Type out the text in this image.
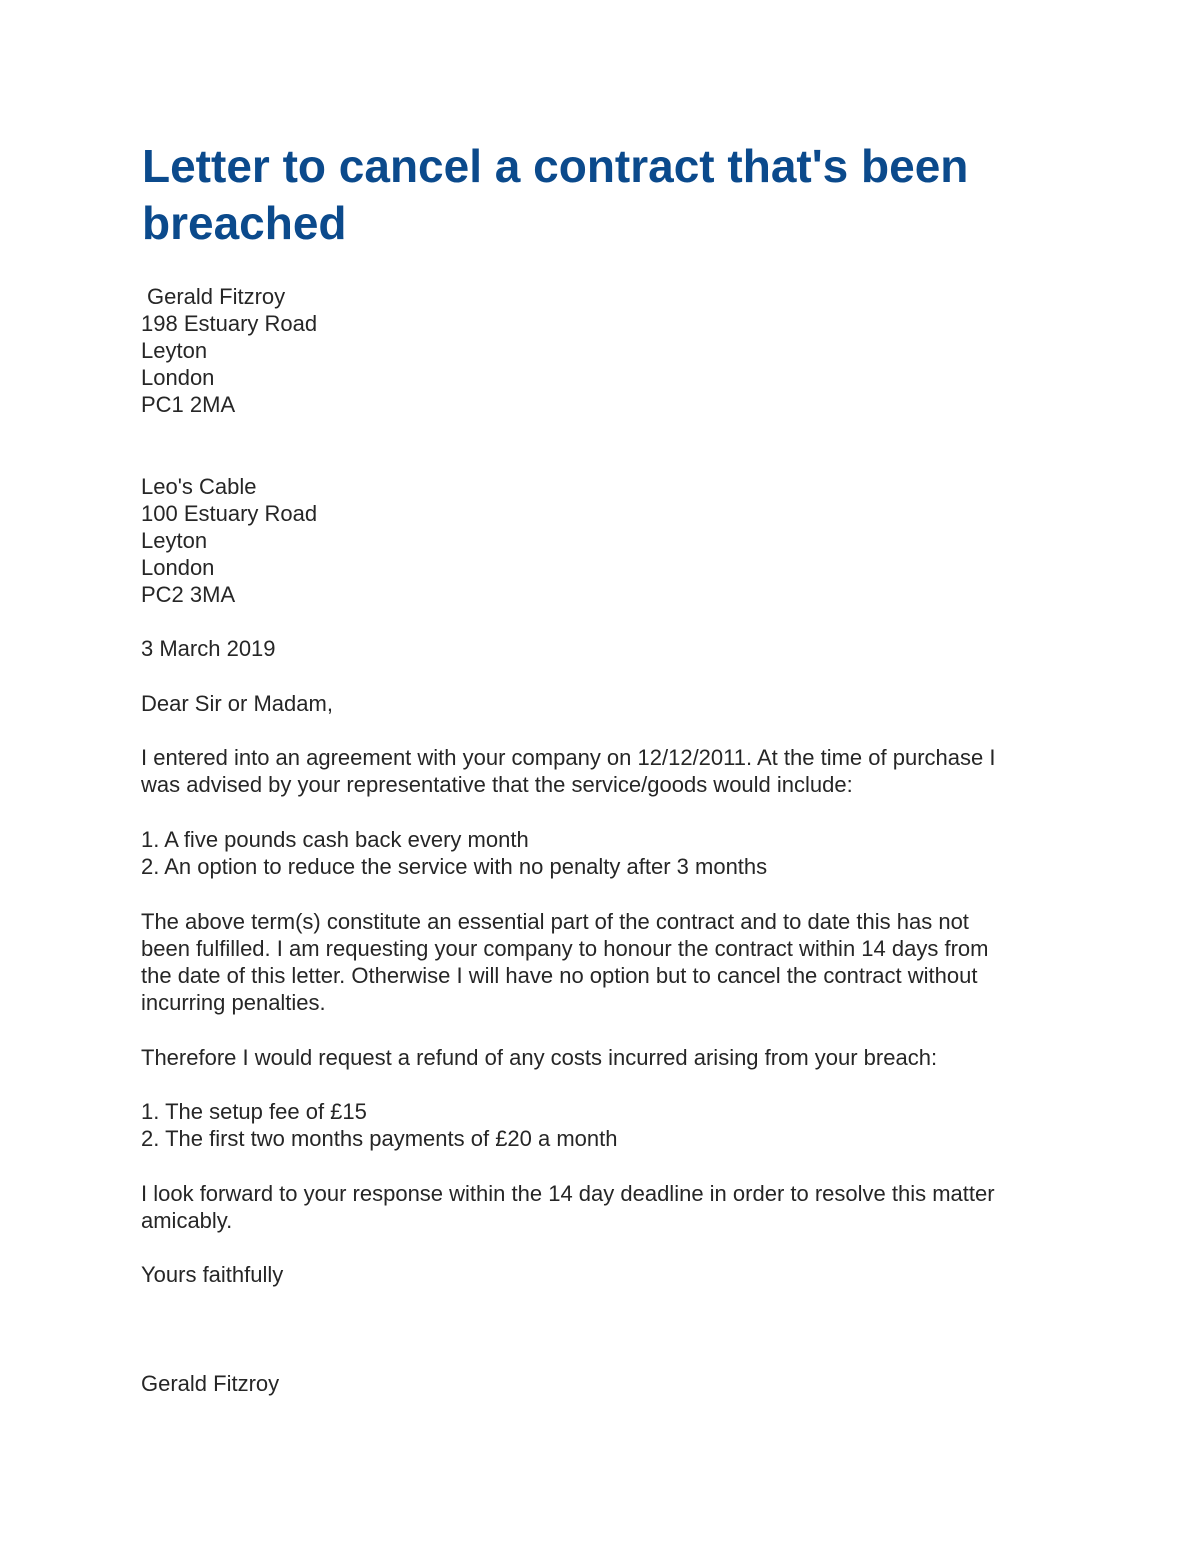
Letter to cancel a contract that's been breached

Gerald Fitzroy

198 Estuary Road

Leyton

London

PC1 2MA

Leo's Cable

100 Estuary Road

Leyton

London

PC2 3MA

3 March 2019

Dear Sir or Madam,

I entered into an agreement with your company on 12/12/2011. At the time of purchase I

was advised by your representative that the service/goods would include:

1. A five pounds cash back every month

2. An option to reduce the service with no penalty after 3 months

The above term(s) constitute an essential part of the contract and to date this has not

been fulfilled. I am requesting your company to honour the contract within 14 days from

the date of this letter. Otherwise I will have no option but to cancel the contract without

incurring penalties.

Therefore I would request a refund of any costs incurred arising from your breach:

1. The setup fee of £15

2. The first two months payments of £20 a month

I look forward to your response within the 14 day deadline in order to resolve this matter

amicably.

Yours faithfully

Gerald Fitzroy
